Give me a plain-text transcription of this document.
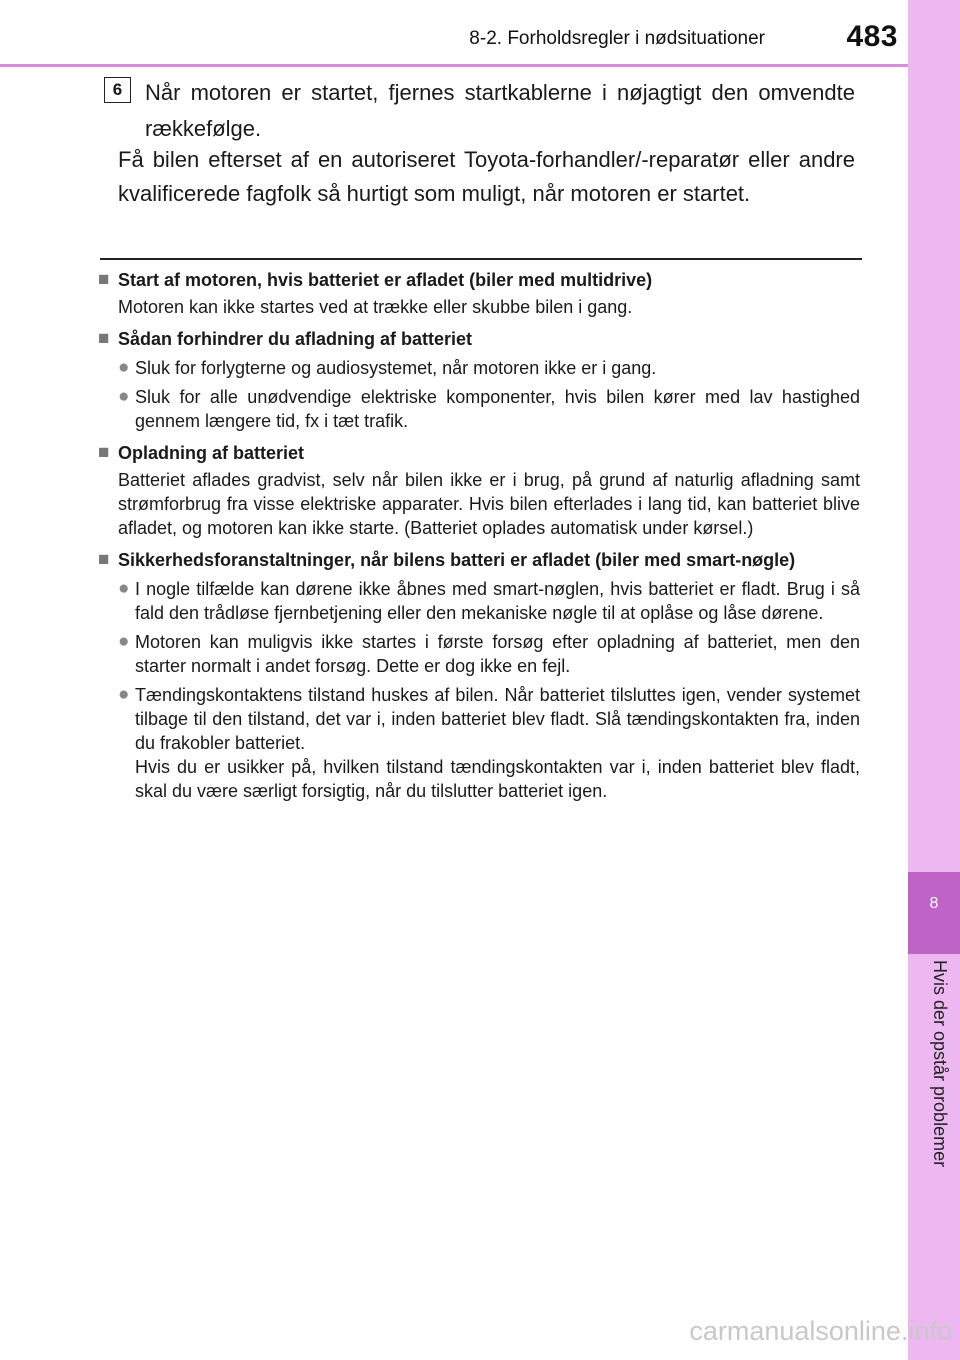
8-2. Forholdsregler i nødsituationer	483
8
Hvis der opstår problemer
6	Når motoren er startet, fjernes startkablerne i nøjagtigt den omvendte rækkefølge.
Få bilen efterset af en autoriseret Toyota-forhandler/-reparatør eller andre kvalificerede fagfolk så hurtigt som muligt, når motoren er startet.
■ Start af motoren, hvis batteriet er afladet (biler med multidrive)
Motoren kan ikke startes ved at trække eller skubbe bilen i gang.
■ Sådan forhindrer du afladning af batteriet
● Sluk for forlygterne og audiosystemet, når motoren ikke er i gang.
● Sluk for alle unødvendige elektriske komponenter, hvis bilen kører med lav hastighed gennem længere tid, fx i tæt trafik.
■ Opladning af batteriet
Batteriet aflades gradvist, selv når bilen ikke er i brug, på grund af naturlig afladning samt strømforbrug fra visse elektriske apparater. Hvis bilen efterlades i lang tid, kan batteriet blive afladet, og motoren kan ikke starte. (Batteriet oplades automatisk under kørsel.)
■ Sikkerhedsforanstaltninger, når bilens batteri er afladet (biler med smart-nøgle)
● I nogle tilfælde kan dørene ikke åbnes med smart-nøglen, hvis batteriet er fladt. Brug i så fald den trådløse fjernbetjening eller den mekaniske nøgle til at oplåse og låse dørene.
● Motoren kan muligvis ikke startes i første forsøg efter opladning af batteriet, men den starter normalt i andet forsøg. Dette er dog ikke en fejl.
● Tændingskontaktens tilstand huskes af bilen. Når batteriet tilsluttes igen, vender systemet tilbage til den tilstand, det var i, inden batteriet blev fladt. Slå tændingskontakten fra, inden du frakobler batteriet.
Hvis du er usikker på, hvilken tilstand tændingskontakten var i, inden batteriet blev fladt, skal du være særligt forsigtig, når du tilslutter batteriet igen.
carmanualsonline.info
